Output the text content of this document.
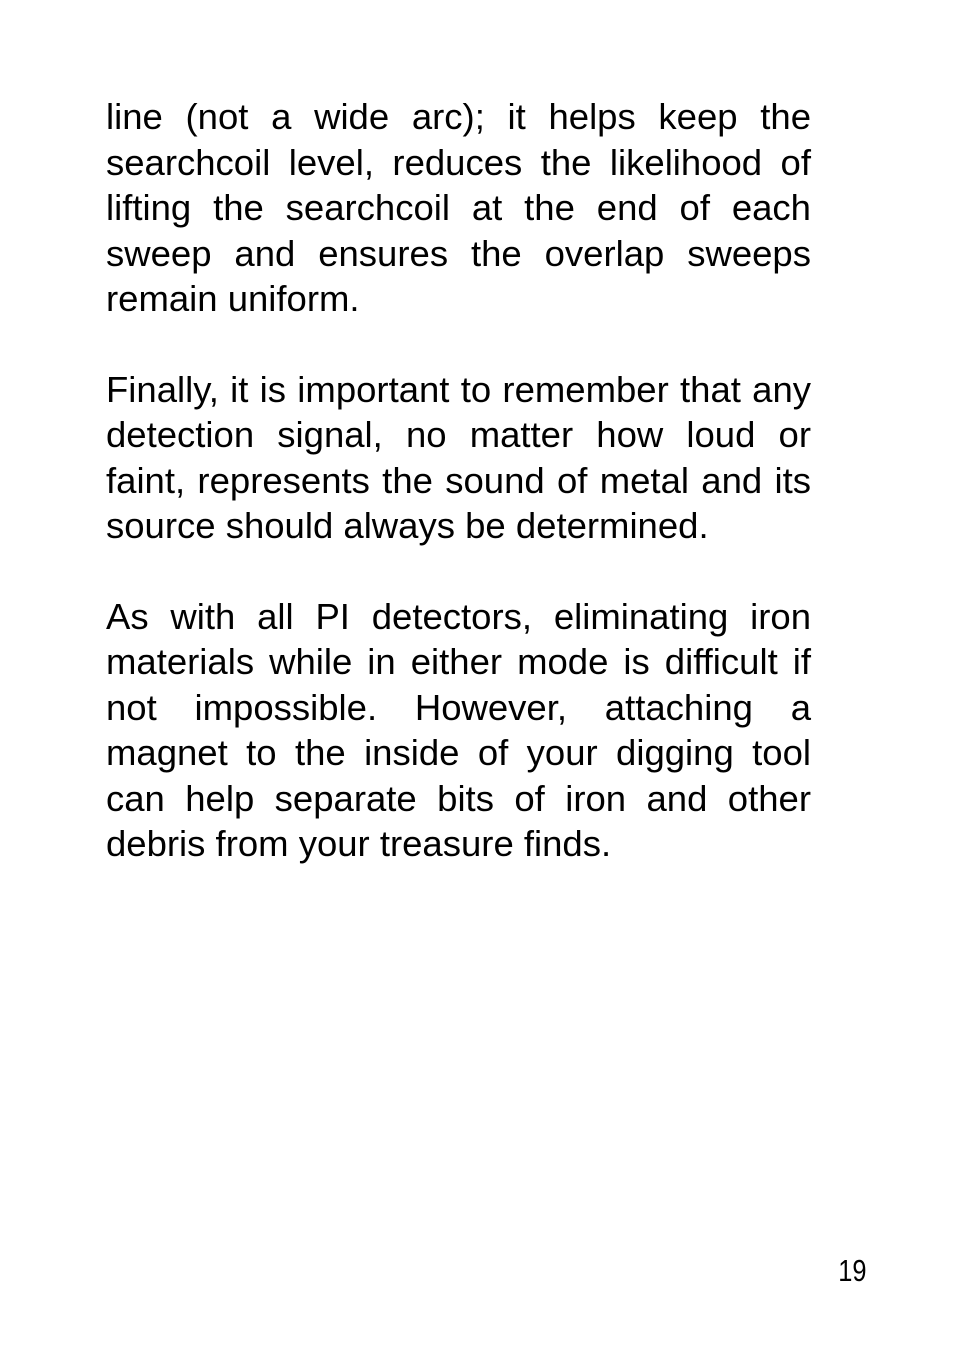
line (not a wide arc); it helps keep the searchcoil level, reduces the likelihood of lifting the searchcoil at the end of each sweep and ensures the overlap sweeps remain uniform.

Finally, it is important to remember that any detection signal, no matter how loud or faint, represents the sound of metal and its source should always be determined.

As with all PI detectors, eliminating iron materials while in either mode is difficult if not impossible. However, attaching a magnet to the inside of your digging tool can help separate bits of iron and other debris from your treasure finds.

19
